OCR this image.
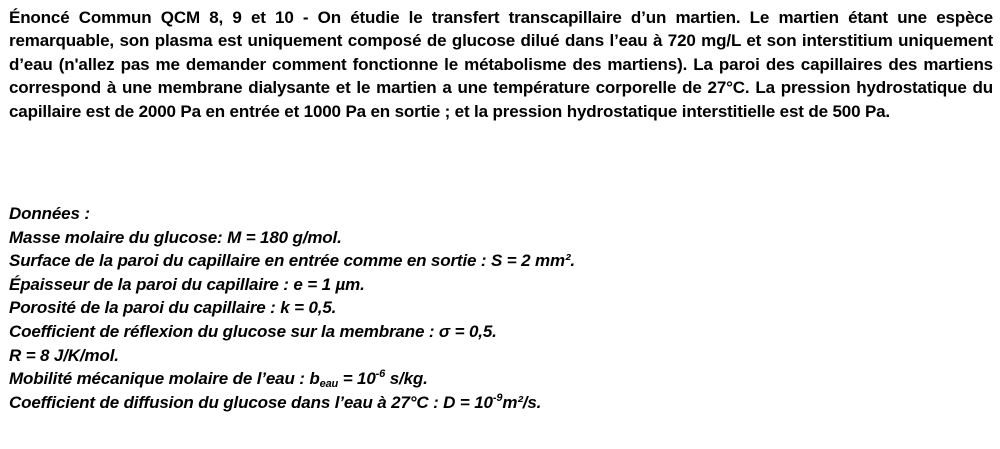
Énoncé Commun QCM 8, 9 et 10 - On étudie le transfert transcapillaire d’un martien. Le martien étant une espèce remarquable, son plasma est uniquement composé de glucose dilué dans l’eau à 720 mg/L et son interstitium uniquement d’eau (n'allez pas me demander comment fonctionne le métabolisme des martiens). La paroi des capillaires des martiens correspond à une membrane dialysante et le martien a une température corporelle de 27°C. La pression hydrostatique du capillaire est de 2000 Pa en entrée et 1000 Pa en sortie ; et la pression hydrostatique interstitielle est de 500 Pa.

Données :
Masse molaire du glucose: M = 180 g/mol.
Surface de la paroi du capillaire en entrée comme en sortie : S = 2 mm².
Épaisseur de la paroi du capillaire : e = 1 µm.
Porosité de la paroi du capillaire : k = 0,5.
Coefficient de réflexion du glucose sur la membrane : σ = 0,5.
R = 8 J/K/mol.
Mobilité mécanique molaire de l’eau : $b_{eau} = 10^{-6}$ s/kg.
Coefficient de diffusion du glucose dans l’eau à 27°C : $D = 10^{-9}m^2/s$.
